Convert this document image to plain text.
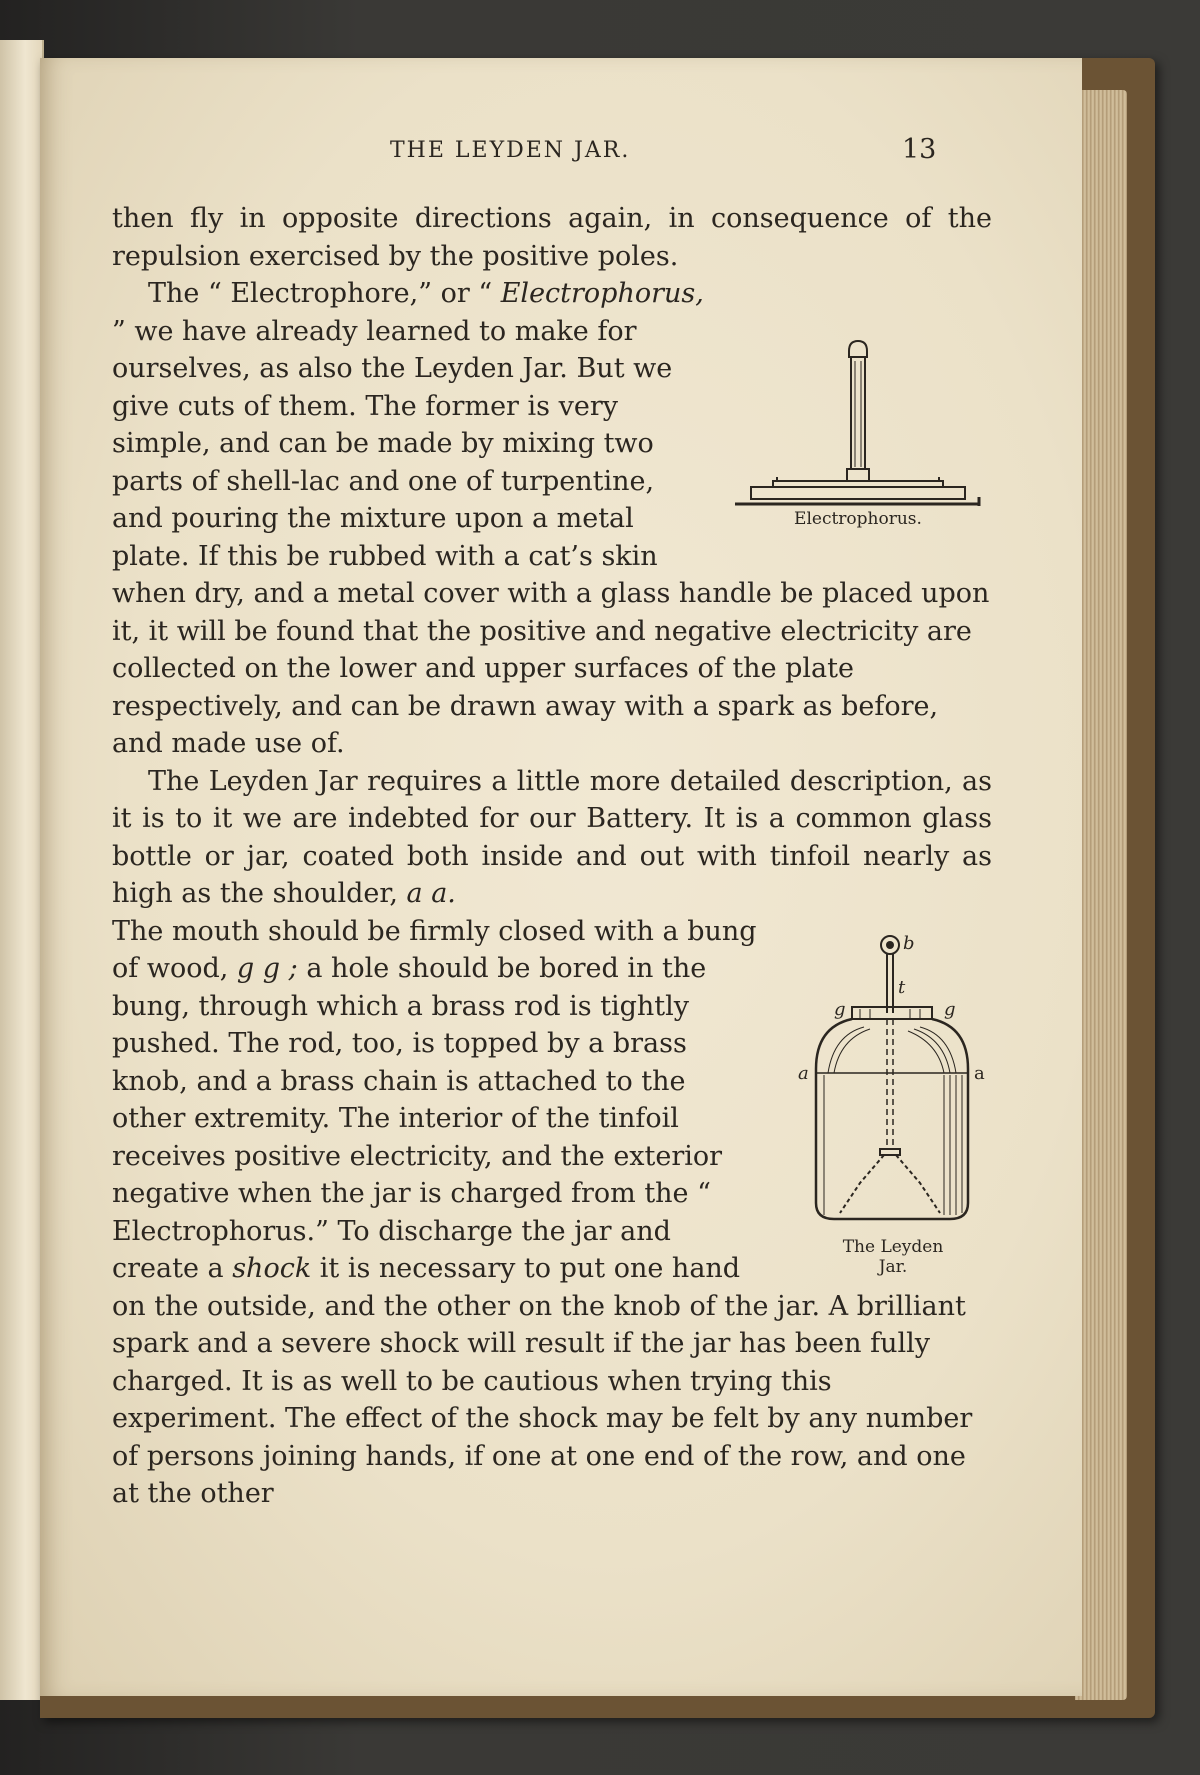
THE LEYDEN JAR.	13

then fly in opposite directions again, in consequence of the repulsion exercised by the positive poles.

The “ Electrophore,” or “ Electrophorus,

Electrophorus.
” we have already learned to make for ourselves, as also the Leyden Jar. But we give cuts of them. The former is very simple, and can be made by mixing two parts of shell-lac and one of turpentine, and pouring the mixture upon a metal plate. If this be rubbed with a cat’s skin when dry, and a metal cover with a glass handle be placed upon it, it will be found that the positive and negative electricity are collected on the lower and upper surfaces of the plate respectively, and can be drawn away with a spark as before, and made use of.

The Leyden Jar requires a little more detailed description, as it is to it we are indebted for our Battery. It is a common glass bottle or jar, coated both inside and out with tinfoil nearly as high as the shoulder, a a.

b
t
g	g
a	a
The Leyden Jar.
The mouth should be firmly closed with a bung of wood, g g ; a hole should be bored in the bung, through which a brass rod is tightly pushed. The rod, too, is topped by a brass knob, and a brass chain is attached to the other extremity. The interior of the tinfoil receives positive electricity, and the exterior negative when the jar is charged from the “ Electrophorus.” To discharge the jar and create a shock it is necessary to put one hand on the outside, and the other on the knob of the jar. A brilliant spark and a severe shock will result if the jar has been fully charged. It is as well to be cautious when trying this experiment. The effect of the shock may be felt by any number of persons joining hands, if one at one end of the row, and one at the other
